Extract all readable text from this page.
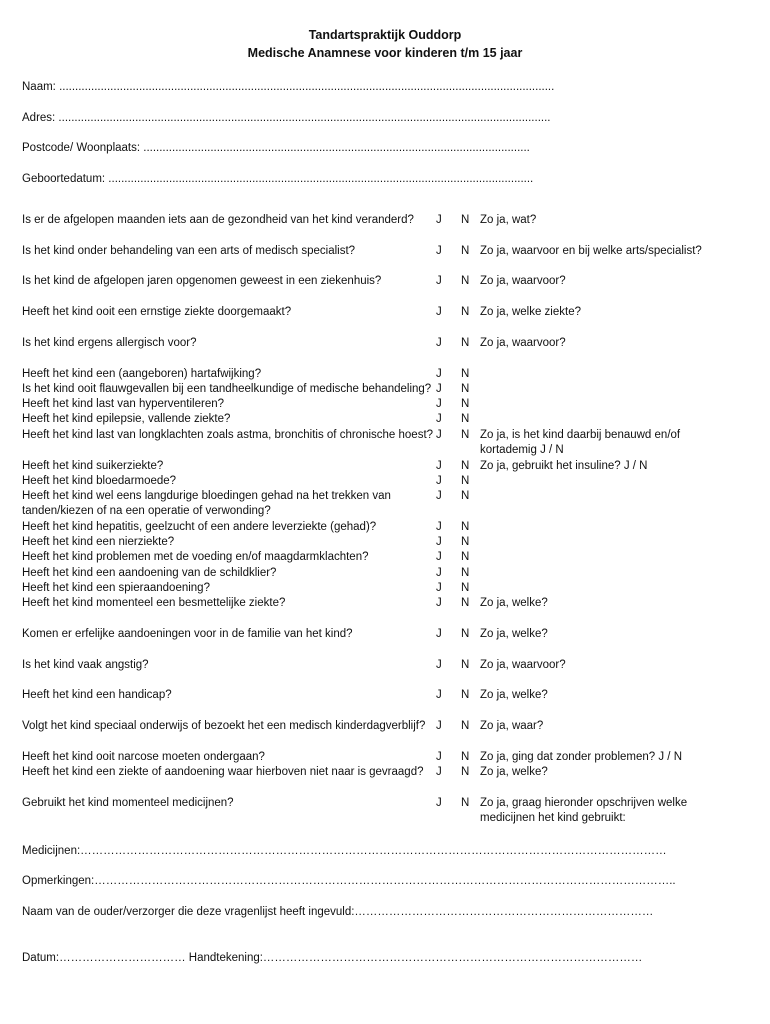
Tandartspraktijk Ouddorp
Medische Anamnese voor kinderen t/m 15 jaar
Naam: ...........................................................................................................................................................
Adres: ..........................................................................................................................................................
Postcode/ Woonplaats: .........................................................................................................................
Geboortedatum: .....................................................................................................................................
Is er de afgelopen maanden iets aan de gezondheid van het kind veranderd? J N Zo ja, wat?
Is het kind onder behandeling van een arts of medisch specialist?	J N Zo ja, waarvoor en bij welke arts/specialist?
Is het kind de afgelopen jaren opgenomen geweest in een ziekenhuis?	J N Zo ja, waarvoor?
Heeft het kind ooit een ernstige ziekte doorgemaakt?	J N Zo ja, welke ziekte?
Is het kind ergens allergisch voor?	J N Zo ja, waarvoor?
Heeft het kind een (aangeboren) hartafwijking?	J N
Is het kind ooit flauwgevallen bij een tandheelkundige of medische behandeling? J N
Heeft het kind last van hyperventileren?	J N
Heeft het kind epilepsie, vallende ziekte?	J N
Heeft het kind last van longklachten zoals astma, bronchitis of chronische hoest? J N Zo ja, is het kind daarbij benauwd en/of
kortademig J / N
Heeft het kind suikerziekte?	J N Zo ja, gebruikt het insuline? J / N
Heeft het kind bloedarmoede?	J N
Heeft het kind wel eens langdurige bloedingen gehad na het trekken van	J N
tanden/kiezen of na een operatie of verwonding?
Heeft het kind hepatitis, geelzucht of een andere leverziekte (gehad)?	J N
Heeft het kind een nierziekte?	J N
Heeft het kind problemen met de voeding en/of maagdarmklachten?	J N
Heeft het kind een aandoening van de schildklier?	J N
Heeft het kind een spieraandoening?	J N
Heeft het kind momenteel een besmettelijke ziekte?	J N Zo ja, welke?
Komen er erfelijke aandoeningen voor in de familie van het kind?	J N Zo ja, welke?
Is het kind vaak angstig?	J N Zo ja, waarvoor?
Heeft het kind een handicap?	J N Zo ja, welke?
Volgt het kind speciaal onderwijs of bezoekt het een medisch kinderdagverblijf? J N Zo ja, waar?
Heeft het kind ooit narcose moeten ondergaan?	J N Zo ja, ging dat zonder problemen? J / N
Heeft het kind een ziekte of aandoening waar hierboven niet naar is gevraagd? J N Zo ja, welke?
Gebruikt het kind momenteel medicijnen?	J N Zo ja, graag hieronder opschrijven welke
medicijnen het kind gebruikt:
Medicijnen:………………………………………………………………………………………………………………………………………
Opmerkingen:……………………………………………………………………………………………………………………………………..
Naam van de ouder/verzorger die deze vragenlijst heeft ingevuld:……………………………………………………………………
Datum:…………………………… Handtekening:………………………………………………………………………………………
